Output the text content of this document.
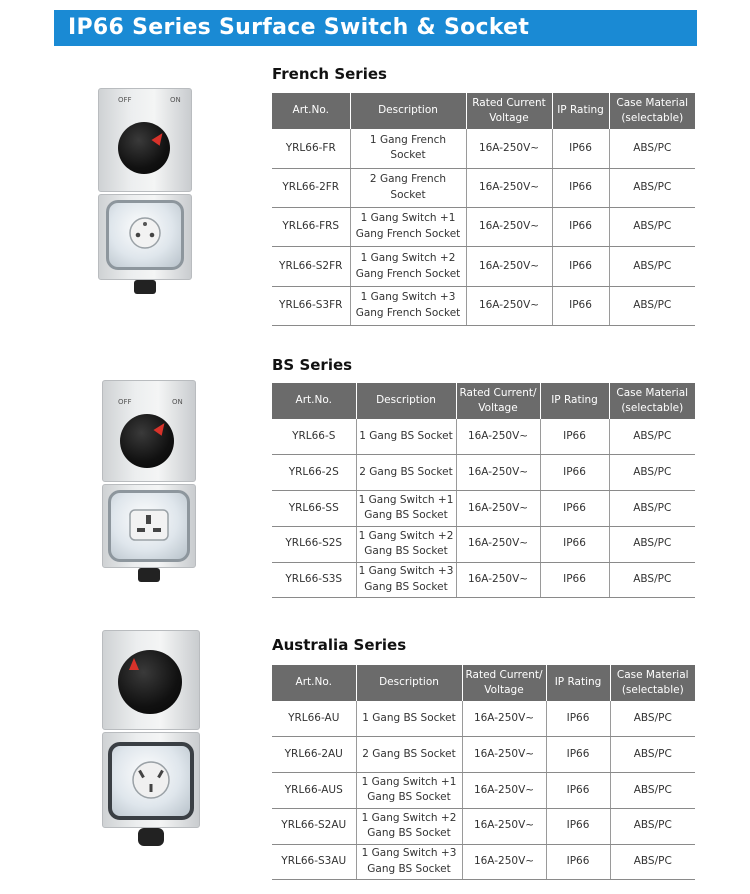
IP66 Series Surface Switch & Socket
OFF	ON
French Series
Art.No.	Description	Rated Current Voltage	IP Rating	Case Material (selectable)
YRL66-FR	1 Gang French Socket	16A-250V~	IP66	ABS/PC
YRL66-2FR	2 Gang French Socket	16A-250V~	IP66	ABS/PC
YRL66-FRS	1 Gang Switch +1 Gang French Socket	16A-250V~	IP66	ABS/PC
YRL66-S2FR	1 Gang Switch +2 Gang French Socket	16A-250V~	IP66	ABS/PC
YRL66-S3FR	1 Gang Switch +3 Gang French Socket	16A-250V~	IP66	ABS/PC
OFF	ON
BS Series
Art.No.	Description	Rated Current/ Voltage	IP Rating	Case Material (selectable)
YRL66-S	1 Gang BS Socket	16A-250V~	IP66	ABS/PC
YRL66-2S	2 Gang BS Socket	16A-250V~	IP66	ABS/PC
YRL66-SS	1 Gang Switch +1 Gang BS Socket	16A-250V~	IP66	ABS/PC
YRL66-S2S	1 Gang Switch +2 Gang BS Socket	16A-250V~	IP66	ABS/PC
YRL66-S3S	1 Gang Switch +3 Gang BS Socket	16A-250V~	IP66	ABS/PC
Australia Series
Art.No.	Description	Rated Current/ Voltage	IP Rating	Case Material (selectable)
YRL66-AU	1 Gang BS Socket	16A-250V~	IP66	ABS/PC
YRL66-2AU	2 Gang BS Socket	16A-250V~	IP66	ABS/PC
YRL66-AUS	1 Gang Switch +1 Gang BS Socket	16A-250V~	IP66	ABS/PC
YRL66-S2AU	1 Gang Switch +2 Gang BS Socket	16A-250V~	IP66	ABS/PC
YRL66-S3AU	1 Gang Switch +3 Gang BS Socket	16A-250V~	IP66	ABS/PC
